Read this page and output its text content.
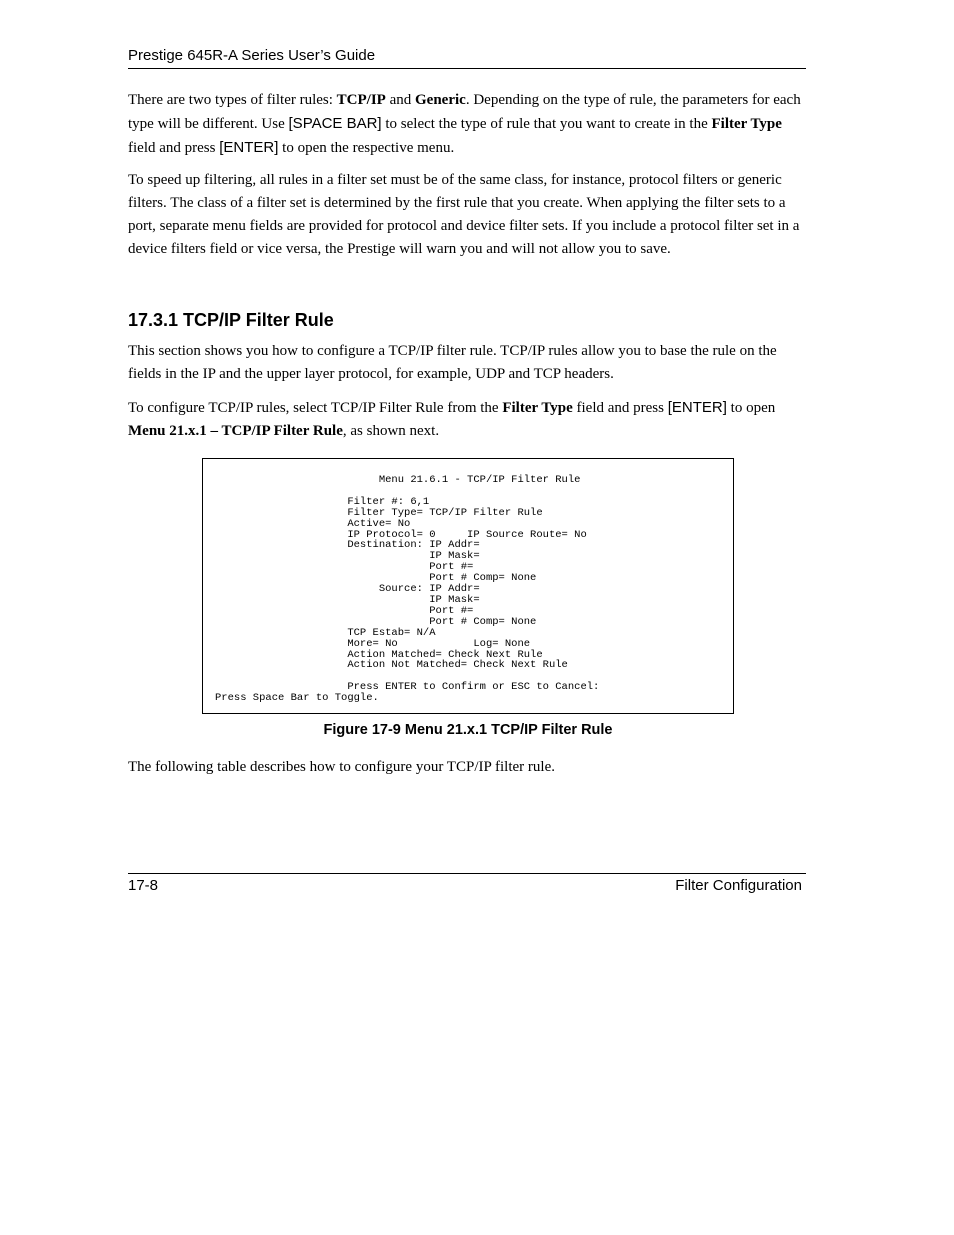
Prestige 645R-A Series User’s Guide

There are two types of filter rules: TCP/IP and Generic. Depending on the type of rule, the parameters for each type will be different. Use [SPACE BAR] to select the type of rule that you want to create in the Filter Type field and press [ENTER] to open the respective menu.

To speed up filtering, all rules in a filter set must be of the same class, for instance, protocol filters or generic filters. The class of a filter set is determined by the first rule that you create. When applying the filter sets to a port, separate menu fields are provided for protocol and device filter sets. If you include a protocol filter set in a device filters field or vice versa, the Prestige will warn you and will not allow you to save.

17.3.1 TCP/IP Filter Rule

This section shows you how to configure a TCP/IP filter rule. TCP/IP rules allow you to base the rule on the fields in the IP and the upper layer protocol, for example, UDP and TCP headers.

To configure TCP/IP rules, select TCP/IP Filter Rule from the Filter Type field and press [ENTER] to open Menu 21.x.1 – TCP/IP Filter Rule, as shown next.

Menu 21.6.1 - TCP/IP Filter Rule

Filter #: 6,1
Filter Type= TCP/IP Filter Rule
Active= No
IP Protocol= 0     IP Source Route= No
Destination: IP Addr=
IP Mask=
Port #=
Port # Comp= None
Source: IP Addr=
IP Mask=
Port #=
Port # Comp= None
TCP Estab= N/A
More= No            Log= None
Action Matched= Check Next Rule
Action Not Matched= Check Next Rule

Press ENTER to Confirm or ESC to Cancel:
Press Space Bar to Toggle.

Figure 17-9 Menu 21.x.1 TCP/IP Filter Rule

The following table describes how to configure your TCP/IP filter rule.

17-8	Filter Configuration
